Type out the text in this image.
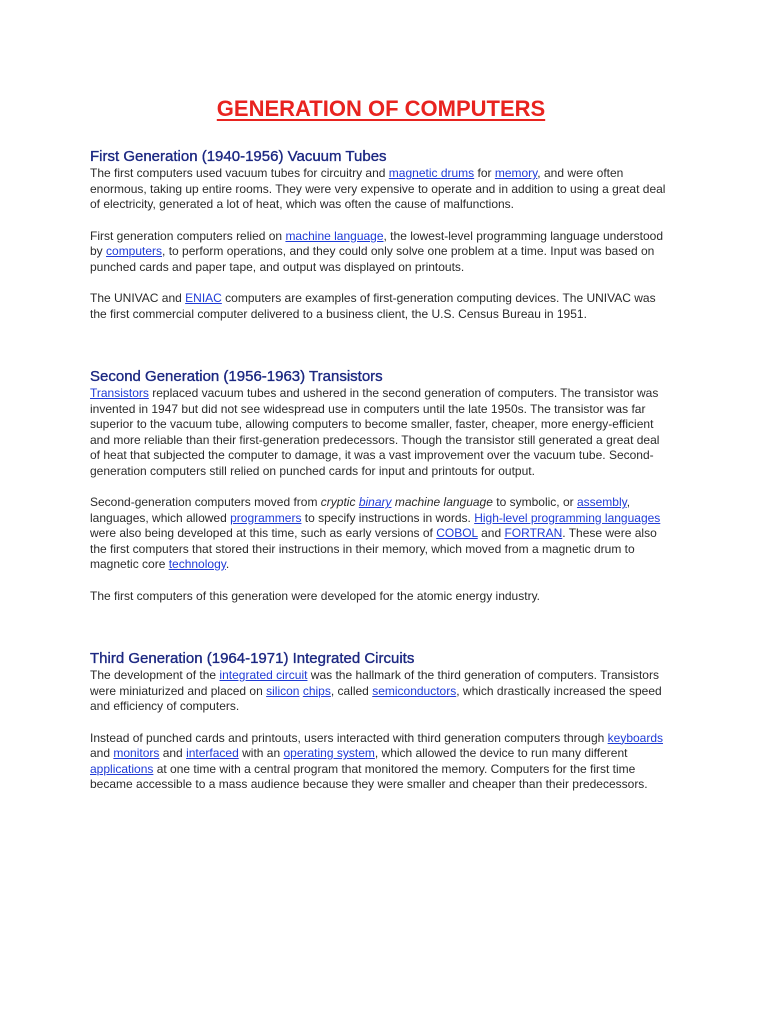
GENERATION OF COMPUTERS
First Generation (1940-1956) Vacuum Tubes

The first computers used vacuum tubes for circuitry and magnetic drums for memory, and were often enormous, taking up entire rooms. They were very expensive to operate and in addition to using a great deal of electricity, generated a lot of heat, which was often the cause of malfunctions.

First generation computers relied on machine language, the lowest-level programming language understood by computers, to perform operations, and they could only solve one problem at a time. Input was based on punched cards and paper tape, and output was displayed on printouts.

The UNIVAC and ENIAC computers are examples of first-generation computing devices. The UNIVAC was the first commercial computer delivered to a business client, the U.S. Census Bureau in 1951.

Second Generation (1956-1963) Transistors

Transistors replaced vacuum tubes and ushered in the second generation of computers. The transistor was invented in 1947 but did not see widespread use in computers until the late 1950s. The transistor was far superior to the vacuum tube, allowing computers to become smaller, faster, cheaper, more energy-efficient and more reliable than their first-generation predecessors. Though the transistor still generated a great deal of heat that subjected the computer to damage, it was a vast improvement over the vacuum tube. Second-generation computers still relied on punched cards for input and printouts for output.

Second-generation computers moved from cryptic binary machine language to symbolic, or assembly, languages, which allowed programmers to specify instructions in words. High-level programming languages were also being developed at this time, such as early versions of COBOL and FORTRAN. These were also the first computers that stored their instructions in their memory, which moved from a magnetic drum to magnetic core technology.

The first computers of this generation were developed for the atomic energy industry.

Third Generation (1964-1971) Integrated Circuits

The development of the integrated circuit was the hallmark of the third generation of computers. Transistors were miniaturized and placed on silicon chips, called semiconductors, which drastically increased the speed and efficiency of computers.

Instead of punched cards and printouts, users interacted with third generation computers through keyboards and monitors and interfaced with an operating system, which allowed the device to run many different applications at one time with a central program that monitored the memory. Computers for the first time became accessible to a mass audience because they were smaller and cheaper than their predecessors.
